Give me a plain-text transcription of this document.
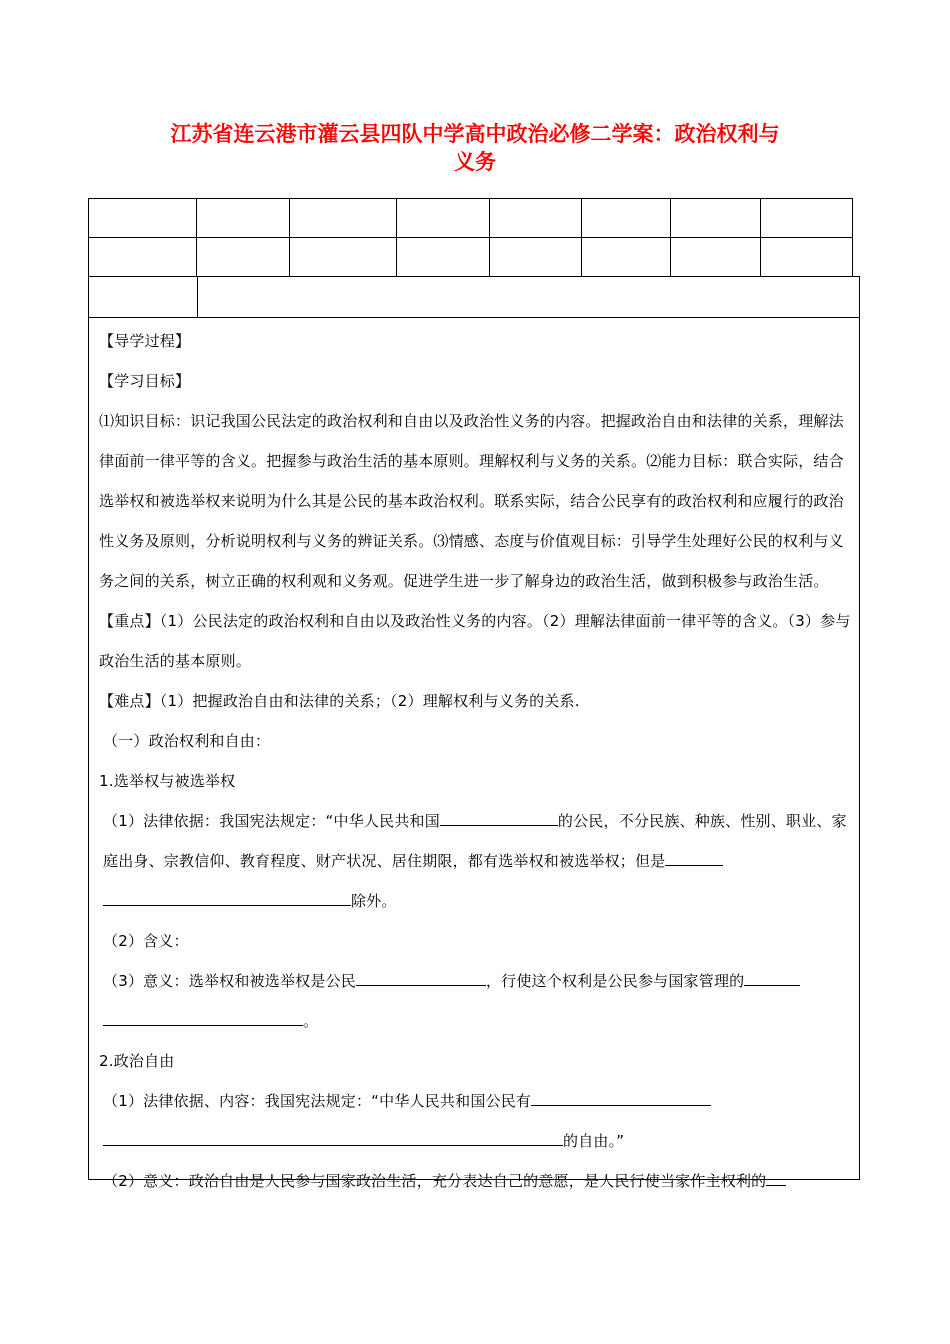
江苏省连云港市灌云县四队中学高中政治必修二学案：政治权利与
义务

【导学过程】

【学习目标】

⑴知识目标：识记我国公民法定的政治权利和自由以及政治性义务的内容。把握政治自由和法律的关系，理解法律面前一律平等的含义。把握参与政治生活的基本原则。理解权利与义务的关系。⑵能力目标：联合实际，结合选举权和被选举权来说明为什么其是公民的基本政治权利。联系实际，结合公民享有的政治权利和应履行的政治性义务及原则，分析说明权利与义务的辨证关系。⑶情感、态度与价值观目标：引导学生处理好公民的权利与义务之间的关系，树立正确的权利观和义务观。促进学生进一步了解身边的政治生活，做到积极参与政治生活。

【重点】（1）公民法定的政治权利和自由以及政治性义务的内容。（2）理解法律面前一律平等的含义。（3）参与政治生活的基本原则。

【难点】（1）把握政治自由和法律的关系；（2）理解权利与义务的关系.

（一）政治权利和自由：

1.选举权与被选举权

（1）法律依据：我国宪法规定：“中华人民共和国	的公民，不分民族、种族、性别、职业、家庭出身、宗教信仰、教育程度、财产状况、居住期限，都有选举权和被选举权；但是
除外。

（2）含义：

（3）意义：选举权和被选举权是公民	，行使这个权利是公民参与国家管理的
。

2.政治自由

（1）法律依据、内容：我国宪法规定：“中华人民共和国公民有
的自由。”

（2）意义：政治自由是人民参与国家政治生活，充分表达自己的意愿，是人民行使当家作主权利的
